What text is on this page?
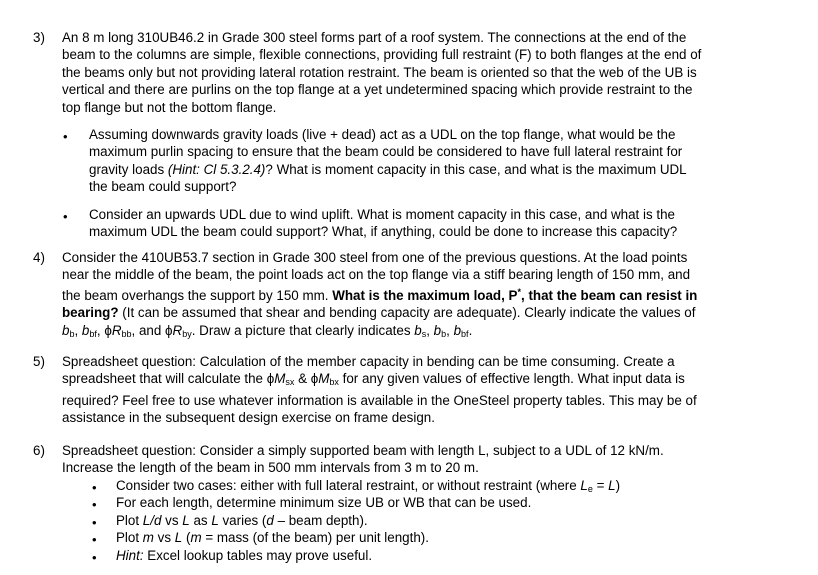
3) An 8 m long 310UB46.2 in Grade 300 steel forms part of a roof system. The connections at the end of the

beam to the columns are simple, flexible connections, providing full restraint (F) to both flanges at the end of

the beams only but not providing lateral rotation restraint. The beam is oriented so that the web of the UB is

vertical and there are purlins on the top flange at a yet undetermined spacing which provide restraint to the

top flange but not the bottom flange.

• Assuming downwards gravity loads (live + dead) act as a UDL on the top flange, what would be the

maximum purlin spacing to ensure that the beam could be considered to have full lateral restraint for

gravity loads (Hint: Cl 5.3.2.4)? What is moment capacity in this case, and what is the maximum UDL

the beam could support?

• Consider an upwards UDL due to wind uplift. What is moment capacity in this case, and what is the

maximum UDL the beam could support? What, if anything, could be done to increase this capacity?

4) Consider the 410UB53.7 section in Grade 300 steel from one of the previous questions. At the load points

near the middle of the beam, the point loads act on the top flange via a stiff bearing length of 150 mm, and

the beam overhangs the support by 150 mm. What is the maximum load, P*, that the beam can resist in

bearing? (It can be assumed that shear and bending capacity are adequate). Clearly indicate the values of

$b_b$, $b_{bf}$, $\phi R_{bb}$, and $\phi R_{by}$. Draw a picture that clearly indicates $b_s$, $b_b$, $b_{bf}$.

5) Spreadsheet question: Calculation of the member capacity in bending can be time consuming. Create a

spreadsheet that will calculate the $\phi M_{sx}$ & $\phi M_{bx}$ for any given values of effective length. What input data is

required? Feel free to use whatever information is available in the OneSteel property tables. This may be of

assistance in the subsequent design exercise on frame design.

6) Spreadsheet question: Consider a simply supported beam with length L, subject to a UDL of 12 kN/m.

Increase the length of the beam in 500 mm intervals from 3 m to 20 m.

• Consider two cases: either with full lateral restraint, or without restraint (where $L_e = L$)
• For each length, determine minimum size UB or WB that can be used.
• Plot L/d vs L as L varies (d – beam depth).
• Plot m vs L (m = mass (of the beam) per unit length).
• Hint: Excel lookup tables may prove useful.
